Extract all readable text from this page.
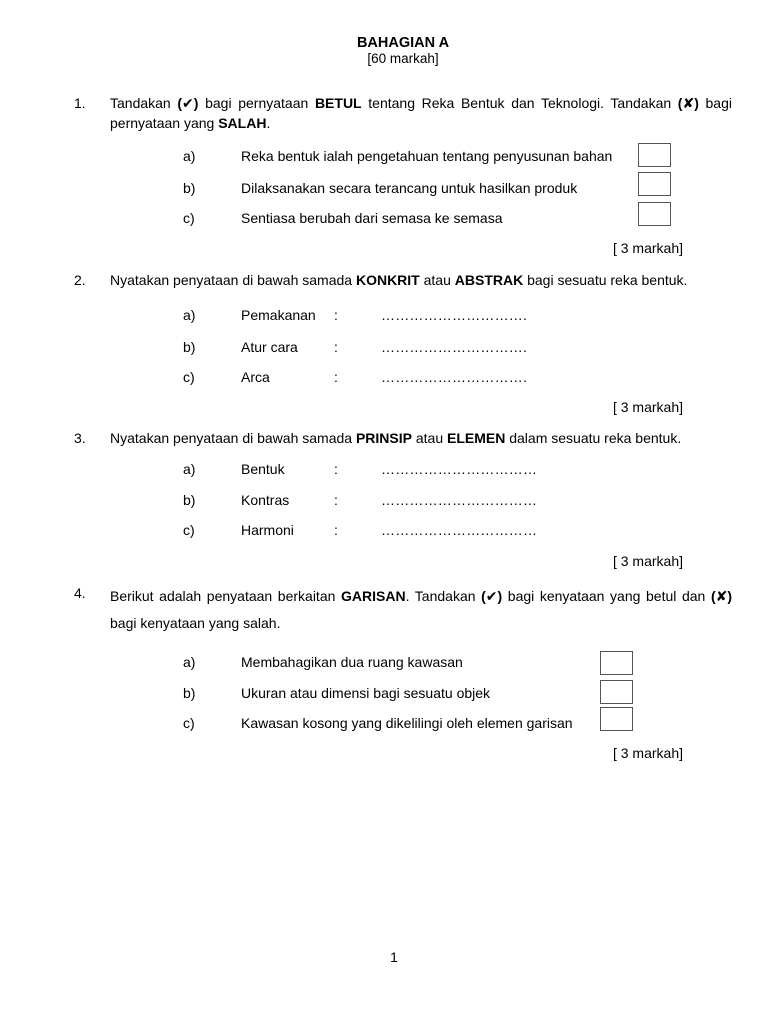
BAHAGIAN A
[60 markah]
1. Tandakan (✔) bagi pernyataan BETUL tentang Reka Bentuk dan Teknologi. Tandakan (✘) bagi pernyataan yang SALAH.
a)	Reka bentuk ialah pengetahuan tentang penyusunan bahan
b)	Dilaksanakan secara terancang untuk hasilkan produk
c)	Sentiasa berubah dari semasa ke semasa
[ 3 markah]
2. Nyatakan penyataan di bawah samada KONKRIT atau ABSTRAK bagi sesuatu reka bentuk.
a)	Pemakanan :	………………………….
b)	Atur cara	:	………………………….
c)	Arca	:	………………………….
[ 3 markah]
3. Nyatakan penyataan di bawah samada PRINSIP atau ELEMEN dalam sesuatu reka bentuk.
a)	Bentuk	:	……………………………
b)	Kontras	:	……………………………
c)	Harmoni	:	……………………………
[ 3 markah]
4. Berikut adalah penyataan berkaitan GARISAN. Tandakan (✔) bagi kenyataan yang betul dan (✘) bagi kenyataan yang salah.
a)	Membahagikan dua ruang kawasan
b)	Ukuran atau dimensi bagi sesuatu objek
c)	Kawasan kosong yang dikelilingi oleh elemen garisan
[ 3 markah]
1
